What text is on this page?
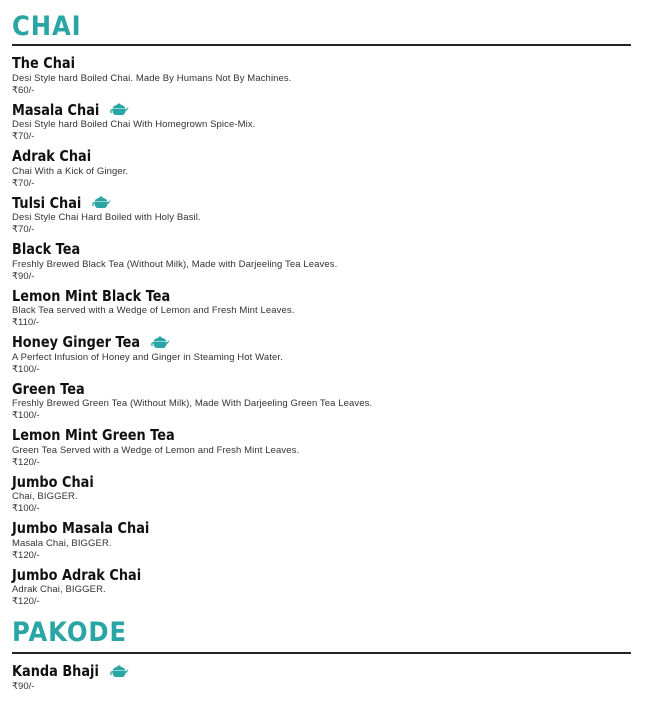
CHAI
The Chai
Desi Style hard Boiled Chai. Made By Humans Not By Machines.
₹60/-
Masala Chai
Desi Style hard Boiled Chai With Homegrown Spice-Mix.
₹70/-
Adrak Chai
Chai With a Kick of Ginger.
₹70/-
Tulsi Chai
Desi Style Chai Hard Boiled with Holy Basil.
₹70/-
Black Tea
Freshly Brewed Black Tea (Without Milk), Made with Darjeeling Tea Leaves.
₹90/-
Lemon Mint Black Tea
Black Tea served with a Wedge of Lemon and Fresh Mint Leaves.
₹110/-
Honey Ginger Tea
A Perfect Infusion of Honey and Ginger in Steaming Hot Water.
₹100/-
Green Tea
Freshly Brewed Green Tea (Without Milk), Made With Darjeeling Green Tea Leaves.
₹100/-
Lemon Mint Green Tea
Green Tea Served with a Wedge of Lemon and Fresh Mint Leaves.
₹120/-
Jumbo Chai
Chai, BIGGER.
₹100/-
Jumbo Masala Chai
Masala Chai, BIGGER.
₹120/-
Jumbo Adrak Chai
Adrak Chai, BIGGER.
₹120/-
PAKODE
Kanda Bhaji
₹90/-
